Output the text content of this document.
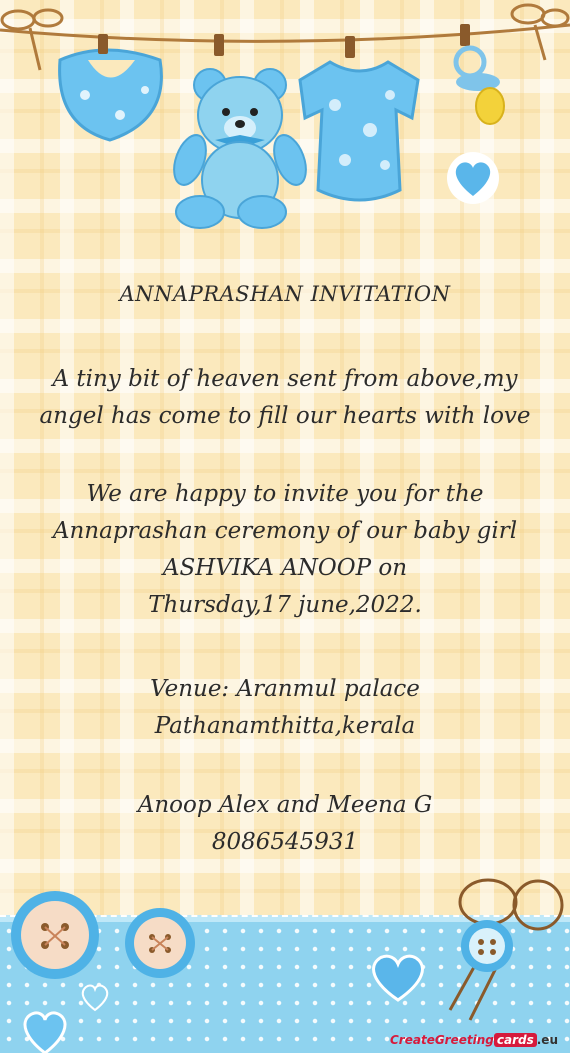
ANNAPRASHAN INVITATION
A tiny bit of heaven sent from above,my
angel has come to fill our hearts with love
We are happy to invite you for the
Annaprashan ceremony of our baby girl
ASHVIKA ANOOP on
Thursday,17 june,2022.
Venue: Aranmul palace
Pathanamthitta,kerala
Anoop Alex and Meena G
8086545931
CreateGreeting cards .eu
